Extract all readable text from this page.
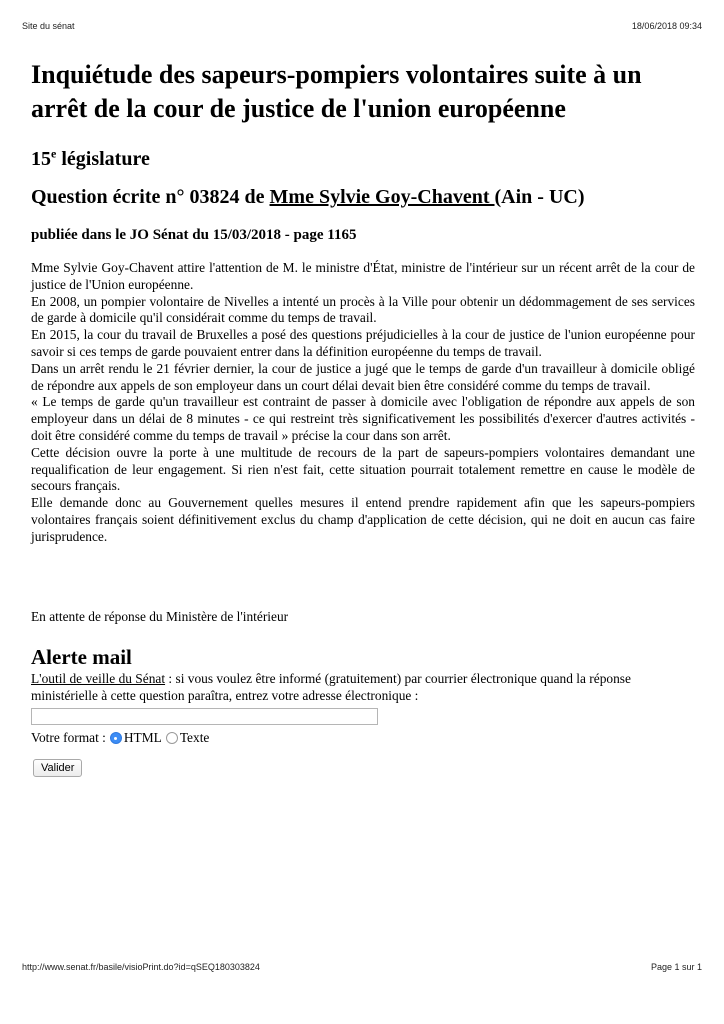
Site du sénat	18/06/2018 09:34
Inquiétude des sapeurs-pompiers volontaires suite à un arrêt de la cour de justice de l'union européenne
15e législature
Question écrite n° 03824 de Mme Sylvie Goy-Chavent (Ain - UC)
publiée dans le JO Sénat du 15/03/2018 - page 1165

Mme Sylvie Goy-Chavent attire l'attention de M. le ministre d'État, ministre de l'intérieur sur un récent arrêt de la cour de justice de l'Union européenne.

En 2008, un pompier volontaire de Nivelles a intenté un procès à la Ville pour obtenir un dédommagement de ses services de garde à domicile qu'il considérait comme du temps de travail.

En 2015, la cour du travail de Bruxelles a posé des questions préjudicielles à la cour de justice de l'union européenne pour savoir si ces temps de garde pouvaient entrer dans la définition européenne du temps de travail.

Dans un arrêt rendu le 21 février dernier, la cour de justice a jugé que le temps de garde d'un travailleur à domicile obligé de répondre aux appels de son employeur dans un court délai devait bien être considéré comme du temps de travail.

« Le temps de garde qu'un travailleur est contraint de passer à domicile avec l'obligation de répondre aux appels de son employeur dans un délai de 8 minutes - ce qui restreint très significativement les possibilités d'exercer d'autres activités - doit être considéré comme du temps de travail » précise la cour dans son arrêt.

Cette décision ouvre la porte à une multitude de recours de la part de sapeurs-pompiers volontaires demandant une requalification de leur engagement. Si rien n'est fait, cette situation pourrait totalement remettre en cause le modèle de secours français.

Elle demande donc au Gouvernement quelles mesures il entend prendre rapidement afin que les sapeurs-pompiers volontaires français soient définitivement exclus du champ d'application de cette décision, qui ne doit en aucun cas faire jurisprudence.

En attente de réponse du Ministère de l'intérieur
Alerte mail
L'outil de veille du Sénat : si vous voulez être informé (gratuitement) par courrier électronique quand la réponse ministérielle à cette question paraîtra, entrez votre adresse électronique :
Votre format : HTML Texte
Valider
http://www.senat.fr/basile/visioPrint.do?id=qSEQ180303824	Page 1 sur 1
